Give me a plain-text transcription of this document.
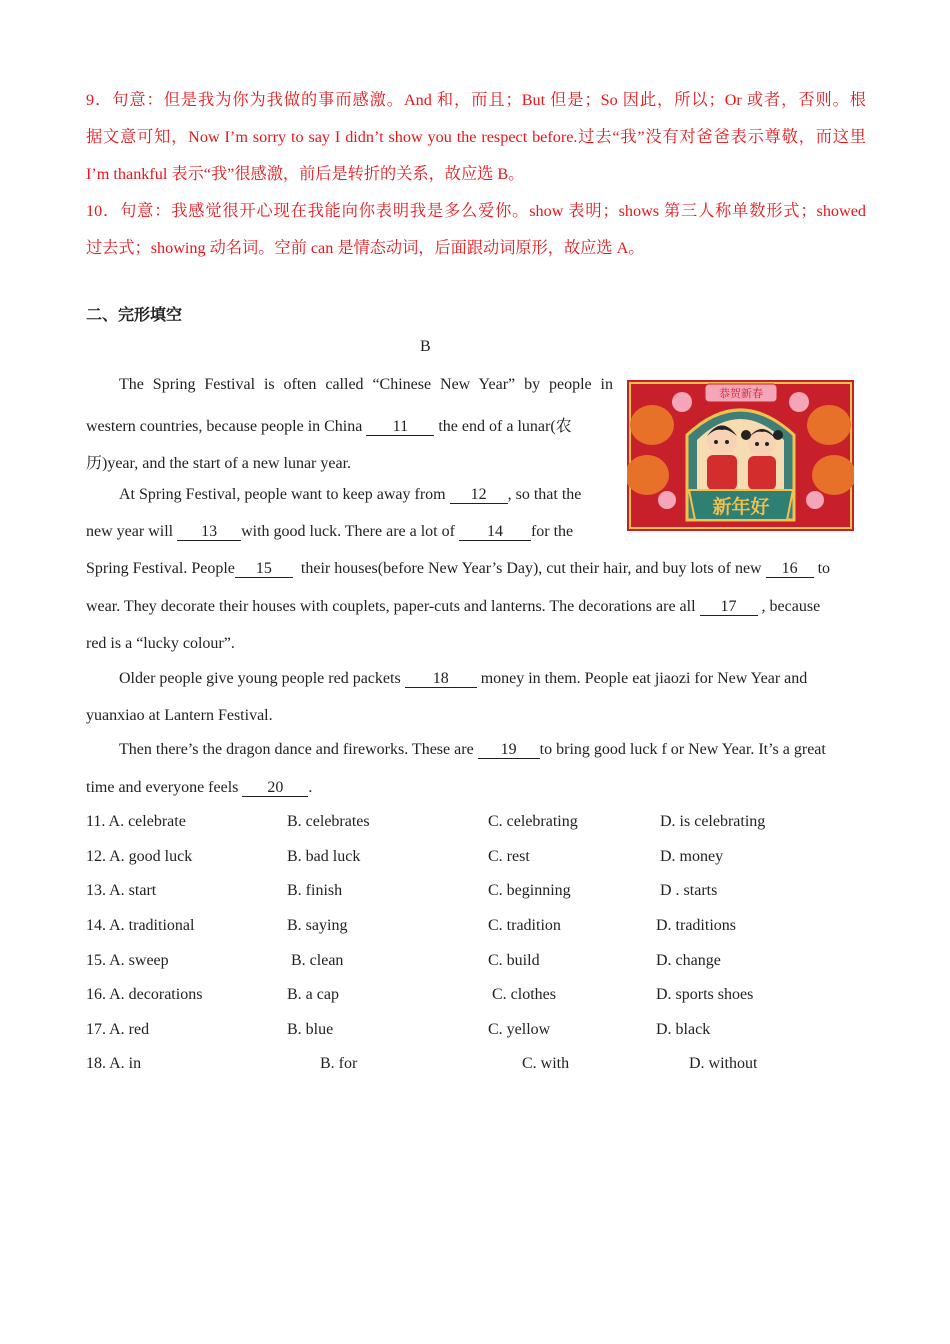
9．句意：但是我为你为我做的事而感激。And 和，而且；But 但是；So 因此，所以；Or 或者，否则。根

据文意可知，Now I’m sorry to say I didn’t show you the respect before.过去“我”没有对爸爸表示尊敬，而这里

I’m thankful 表示“我”很感激，前后是转折的关系，故应选 B。

10．句意：我感觉很开心现在我能向你表明我是多么爱你。show 表明；shows 第三人称单数形式；showed

过去式；showing 动名词。空前 can 是情态动词，后面跟动词原形，故应选 A。

二、完形填空
B
恭贺新春
新年好
The Spring Festival is often called “Chinese New Year” by people in
western countries, because people in China 11 the end of a lunar(农
历)year, and the start of a new lunar year.
At Spring Festival, people want to keep away from 12 , so that the
new year will 13 with good luck. There are a lot of 14 for the
Spring Festival. People 15  their houses(before New Year’s Day), cut their hair, and buy lots of new 16 to
wear. They decorate their houses with couplets, paper-cuts and lanterns. The decorations are all 17 , because
red is a “lucky colour”.
Older people give young people red packets 18 money in them. People eat jiaozi for New Year and
yuanxiao at Lantern Festival.
Then there’s the dragon dance and fireworks. These are 19 to bring good luck f or New Year. It’s a great
time and everyone feels 20 .
11. A. celebrate	B. celebrates	C. celebrating	D. is celebrating
12. A. good luck	B. bad luck	C. rest	D. money
13. A. start	B. finish	C. beginning	D . starts
14. A. traditional	B. saying	C. tradition	D. traditions
15. A. sweep	B. clean	C. build	D. change
16. A. decorations	B. a cap	C. clothes	D. sports shoes
17. A. red	B. blue	C. yellow	D. black
18. A. in	B. for	C. with	D. without
